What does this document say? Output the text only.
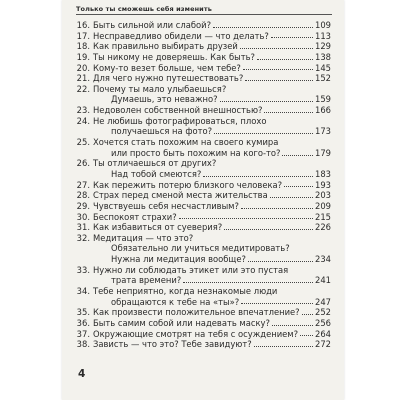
Только ты сможешь себя изменить
16. Быть сильной или слабой?	109
17. Несправедливо обидели — что делать?	113
18. Как правильно выбирать друзей	129
19. Ты никому не доверяешь. Как быть?	138
20. Кому-то везет больше, чем тебе?	145
21. Для чего нужно путешествовать?	152
22. Почему ты мало улыбаешься?
Думаешь, это неважно?	159
23. Недоволен собственной внешностью?	166
24. Не любишь фотографироваться, плохо
получаешься на фото?	173
25. Хочется стать похожим на своего кумира
или просто быть похожим на кого-то?	179
26. Ты отличаешься от других?
Над тобой смеются?	183
27. Как пережить потерю близкого человека?	193
28. Страх перед сменой места жительства	203
29. Чувствуешь себя несчастливым?	209
30. Беспокоят страхи?	215
31. Как избавиться от суеверия?	226
32. Медитация — что это?
Обязательно ли учиться медитировать?
Нужна ли медитация вообще?	234
33. Нужно ли соблюдать этикет или это пустая
трата времени?	241
34. Тебе неприятно, когда незнакомые люди
обращаются к тебе на «ты»?	247
35. Как произвести положительное впечатление? 252
36. Быть самим собой или надевать маску?	256
37. Окружающие смотрят на тебя с осуждением? 264
38. Зависть — что это? Тебе завидуют?	272
4
